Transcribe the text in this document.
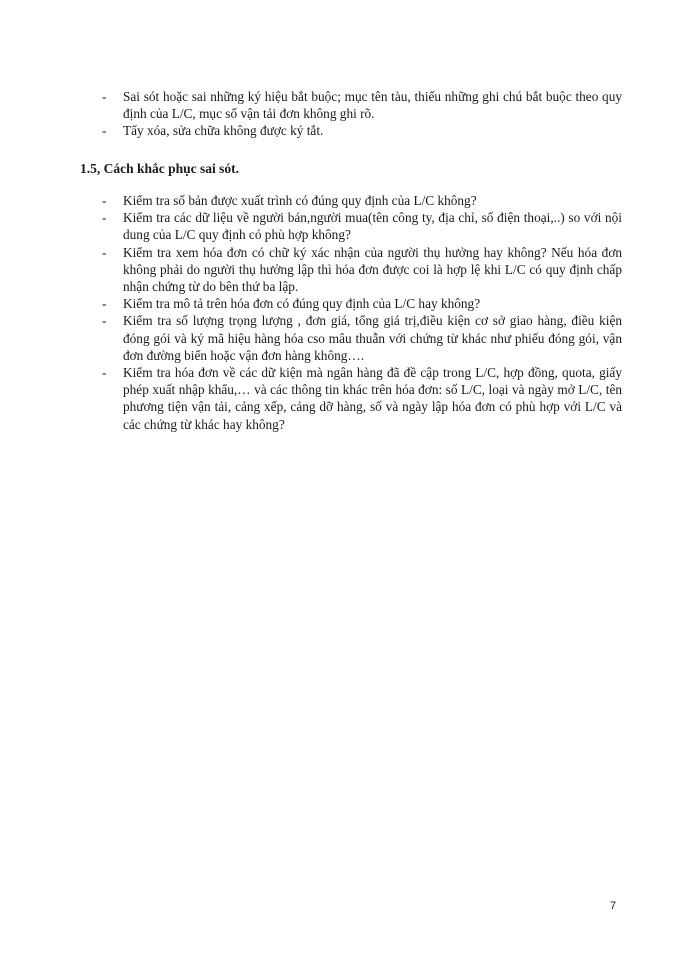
- Sai sót hoặc sai những ký hiệu bắt buộc; mục tên tàu, thiếu những ghi chú bắt buộc theo quy định của L/C, mục số vận tải đơn không ghi rõ.
- Tẩy xóa, sửa chữa không được ký tắt.
1.5, Cách khắc phục sai sót.
- Kiểm tra số bản được xuất trình có đúng quy định của L/C không?
- Kiểm tra các dữ liệu về người bán,người mua(tên công ty, địa chỉ, số điện thoại,..) so với nội dung của L/C quy định có phù hợp không?
- Kiểm tra xem hóa đơn có chữ ký xác nhận của người thụ hưởng hay không? Nếu hóa đơn không phải do người thụ hưởng lập thì hóa đơn được coi là hợp lệ khi L/C có quy định chấp nhận chứng từ do bên thứ ba lập.
- Kiểm tra mô tả trên hóa đơn có đúng quy định của L/C hay không?
- Kiểm tra số lượng trọng lượng , đơn giá, tổng giá trị,điều kiện cơ sở giao hàng, điều kiện đóng gói và ký mã hiệu hàng hóa cso mâu thuẫn với chứng từ khác như phiếu đóng gói, vận đơn đường biển hoặc vận đơn hàng không….
- Kiểm tra hóa đơn về các dữ kiện mà ngân hàng đã đề cập trong L/C, hợp đồng, quota, giấy phép xuất nhập khẩu,… và các thông tin khác trên hóa đơn: số L/C, loại và ngày mở L/C, tên phương tiện vận tải, cảng xếp, cảng dỡ hàng, số và ngày lập hóa đơn có phù hợp với L/C và các chứng từ khác hay không?
7
